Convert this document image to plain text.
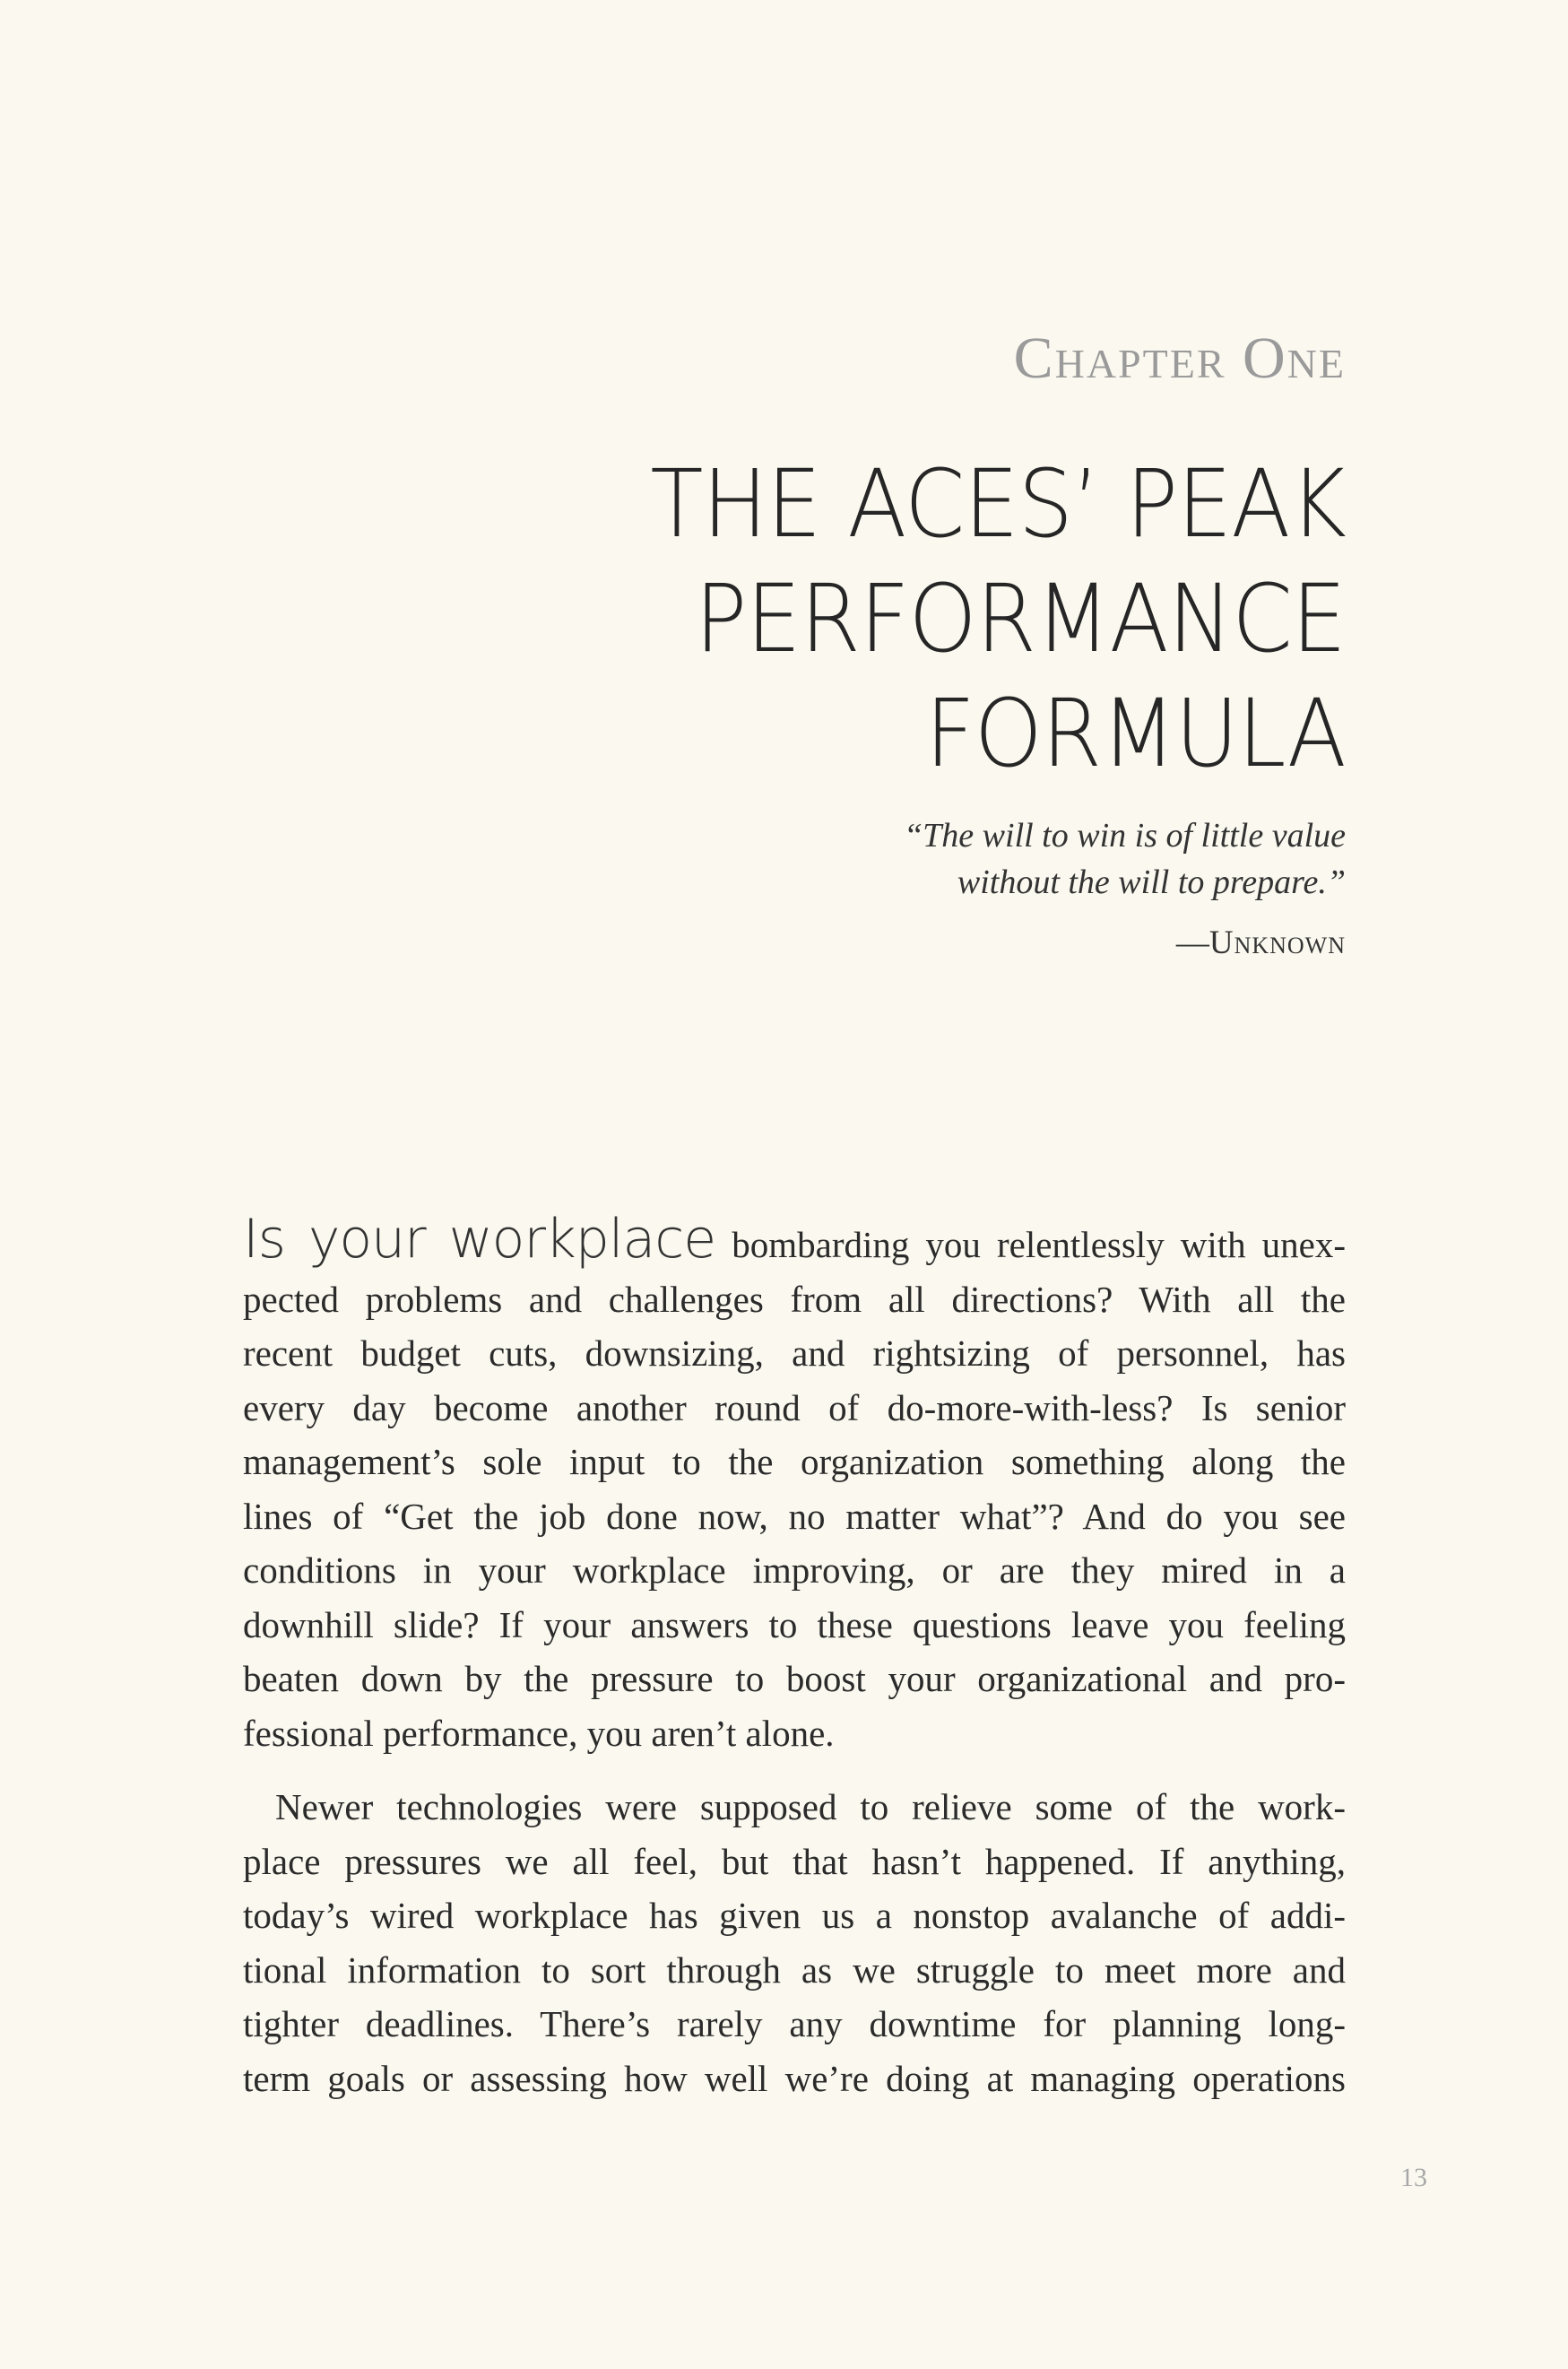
Chapter One
THE ACES’ PEAK
PERFORMANCE
FORMULA
“The will to win is of little value
without the will to prepare.”
—Unknown
Is your workplace bombarding you relentlessly with unex-
pected problems and challenges from all directions? With all the
recent budget cuts, downsizing, and rightsizing of personnel, has
every day become another round of do-more-with-less? Is senior
management’s sole input to the organization something along the
lines of “Get the job done now, no matter what”? And do you see
conditions in your workplace improving, or are they mired in a
downhill slide? If your answers to these questions leave you feeling
beaten down by the pressure to boost your organizational and pro-
fessional performance, you aren’t alone.
Newer technologies were supposed to relieve some of the work-
place pressures we all feel, but that hasn’t happened. If anything,
today’s wired workplace has given us a nonstop avalanche of addi-
tional information to sort through as we struggle to meet more and
tighter deadlines. There’s rarely any downtime for planning long-
term goals or assessing how well we’re doing at managing operations
13
